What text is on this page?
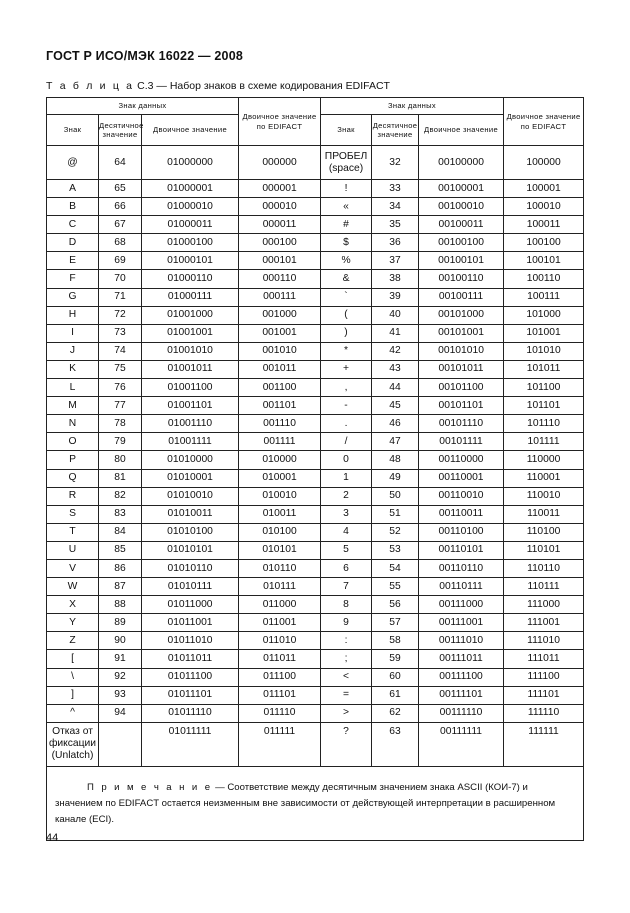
ГОСТ Р ИСО/МЭК 16022 — 2008
Т а б л и ц а С.3 — Набор знаков в схеме кодирования EDIFACT
Знак данных			Двоичное значение по EDIFACT	Знак данных			Двоичное значение по EDIFACT
Знак	Десятичное значение	Двоичное значение		Знак	Десятичное значение	Двоичное значение	
@	64	01000000	000000	ПРОБЕЛ (space)	32	00100000	100000
A	65	01000001	000001	!	33	00100001	100001
B	66	01000010	000010	«	34	00100010	100010
C	67	01000011	000011	#	35	00100011	100011
D	68	01000100	000100	$	36	00100100	100100
E	69	01000101	000101	%	37	00100101	100101
F	70	01000110	000110	&	38	00100110	100110
G	71	01000111	000111	`	39	00100111	100111
H	72	01001000	001000	(	40	00101000	101000
I	73	01001001	001001	)	41	00101001	101001
J	74	01001010	001010	*	42	00101010	101010
K	75	01001011	001011	+	43	00101011	101011
L	76	01001100	001100	,	44	00101100	101100
M	77	01001101	001101	-	45	00101101	101101
N	78	01001110	001110	.	46	00101110	101110
O	79	01001111	001111	/	47	00101111	101111
P	80	01010000	010000	0	48	00110000	110000
Q	81	01010001	010001	1	49	00110001	110001
R	82	01010010	010010	2	50	00110010	110010
S	83	01010011	010011	3	51	00110011	110011
T	84	01010100	010100	4	52	00110100	110100
U	85	01010101	010101	5	53	00110101	110101
V	86	01010110	010110	6	54	00110110	110110
W	87	01010111	010111	7	55	00110111	110111
X	88	01011000	011000	8	56	00111000	111000
Y	89	01011001	011001	9	57	00111001	111001
Z	90	01011010	011010	:	58	00111010	111010
[	91	01011011	011011	;	59	00111011	111011
\	92	01011100	011100	<	60	00111100	111100
]	93	01011101	011101	=	61	00111101	111101
^	94	01011110	011110	>	62	00111110	111110
Отказ от фиксации (Unlatch)		01011111	011111	?	63	00111111	111111
П р и м е ч а н и е — Соответствие между десятичным значением знака ASCII (КОИ-7) и значением по EDIFACT остается неизменным вне зависимости от действующей интерпретации в расширенном канале (ECI).							
44
